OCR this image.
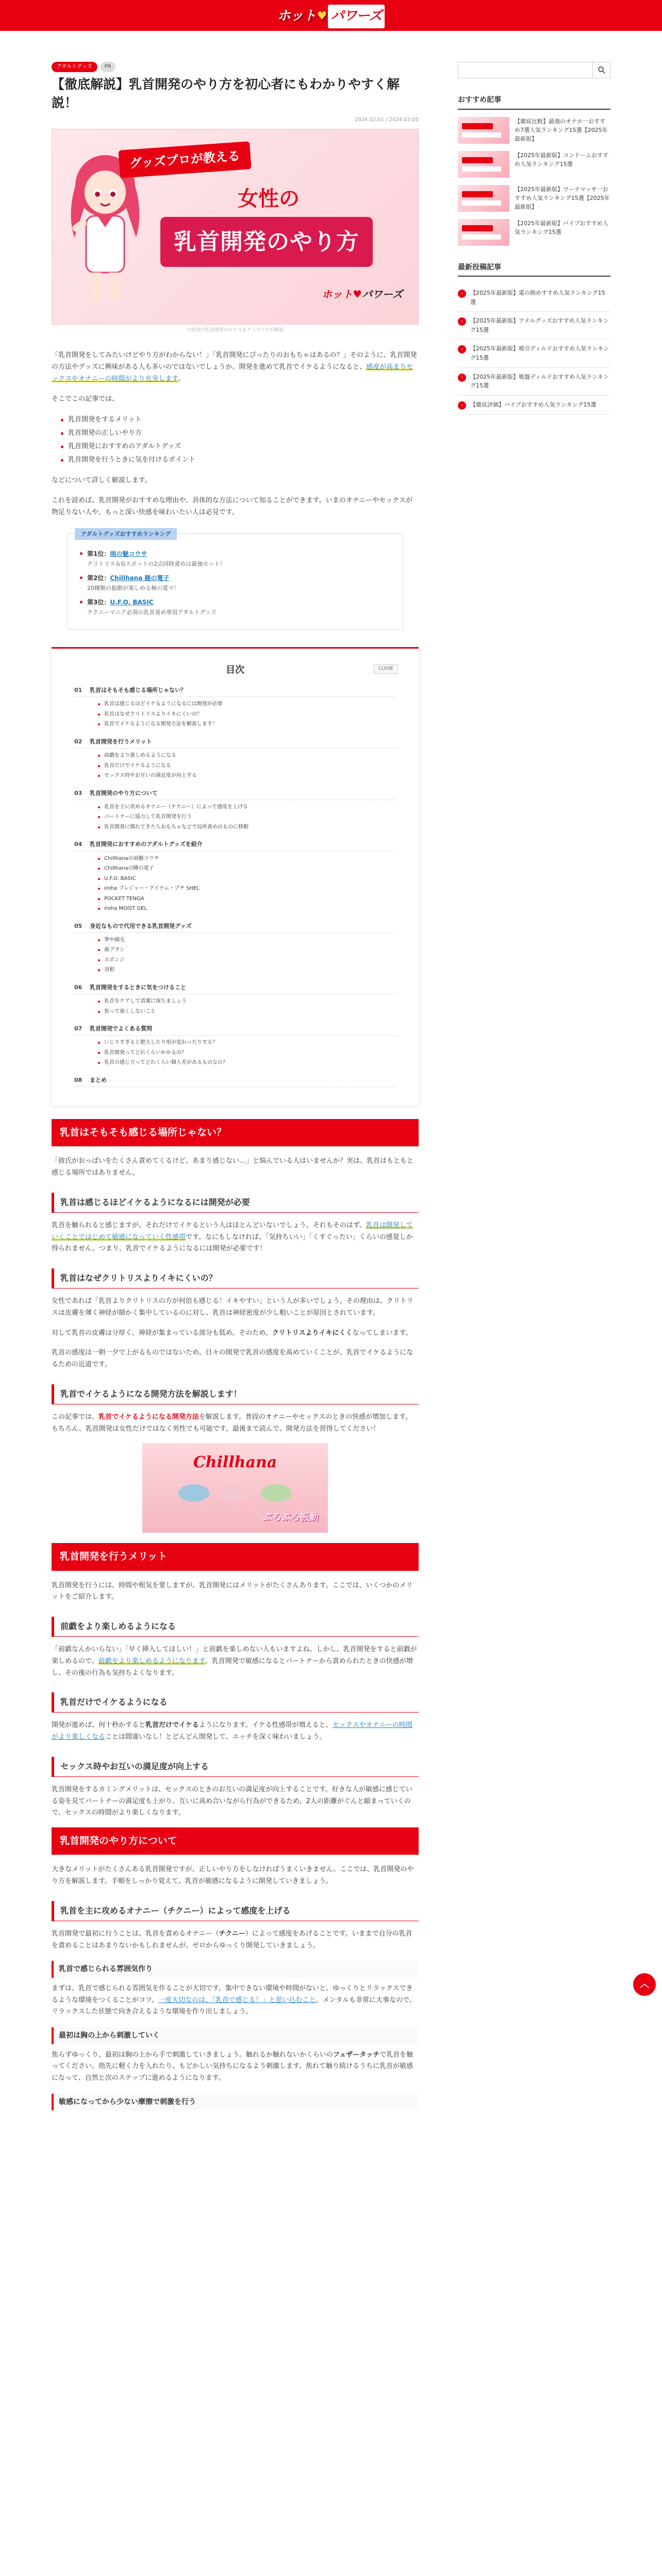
ホット ♥ パワーズ
アダルトグッズ	PR
【徹底解説】乳首開発のやり方を初心者にもわかりやすく解説！
2024.02.01 / 2024.03.05
グッズプロが教える
女性の
乳首開発のやり方
ホット♥パワーズ
女性向け乳首開発のやり方をグッズプロが解説

「乳首開発をしてみたいけどやり方がわからない！」「乳首開発にぴったりのおもちゃはあるの？」そのように、乳首開発の方法やグッズに興味がある人も多いのではないでしょうか。開発を進めて乳首でイケるようになると、感度が高まりセックスやオナニーの時間がより充実します。

そこでこの記事では、

乳首開発をするメリット
乳首開発の正しいやり方
乳首開発におすすめのアダルトグッズ
乳首開発を行うときに気を付けるポイント

などについて詳しく解説します。

これを読めば、乳首開発がおすすめな理由や、具体的な方法について知ることができます。いまのオナニーやセックスが物足りない人や、もっと深い快感を味わいたい人は必見です。

アダルトグッズおすすめランキング
第1位：雨の魅コウサ
クリトリス＆Gスポットの2点同時責めは最強セット！
第2位：Chillhana 睡の電子
20種類の振動が楽しめる極の電マ！
第3位：U.F.O. BASIC
テクニーマニア必須の乳首責め専用アダルトグッズ
目次	CLOSE
01	乳首はそもそも感じる場所じゃない？
乳首は感じるほどイケるようになるには開発が必要
乳首はなぜクリトリスよりイキにくいの？
乳首でイケるようになる開発方法を解説します！
02	乳首開発を行うメリット
前戯をより楽しめるようになる
乳首だけでイケるようになる
セックス時やお互いの満足度が向上する
03	乳首開発のやり方について
乳首を主に攻めるオナニー（チクニー）によって感度を上げる
パートナーに協力して乳首開発を行う
乳首開発に慣れてきたらおもちゃなどで局所責めのものに移動
04	乳首開発におすすめのアダルトグッズを紹介
Chillhanaの雨魅コウサ
Chillhanaの睡の電子
U.F.O. BASIC
iroha プレジャー・アイテム・プチ SHEL
POCKET TENGA
iroha MOIST GEL
05	身近なもので代用できる乳首開発グッズ
筆や刷毛
歯ブラシ
スポンジ
羽根
06	乳首開発をするときに気をつけること
乳首をケアして清潔に保ちましょう
焦って強くしないこと
07	乳首開発でよくある質問
いじりすぎると肥大したり形が変わったりする？
乳首開発ってどれくらいかかるの？
乳首の感じ方ってどれくらい個人差があるものなの？
08	まとめ
乳首はそもそも感じる場所じゃない？

「彼氏がおっぱいをたくさん責めてくるけど、あまり感じない…」と悩んでいる人はいませんか？実は、乳首はもともと感じる場所ではありません。

乳首は感じるほどイケるようになるには開発が必要

乳首を触られると感じますが、それだけでイケるという人はほとんどいないでしょう。それもそのはず、乳首は開発していくことではじめて敏感になっていく性感帯です。なにもしなければ、「気持ちいい」「くすぐったい」くらいの感覚しか得られません。つまり、乳首でイケるようになるには開発が必要です！

乳首はなぜクリトリスよりイキにくいの？

女性であれば「乳首よりクリトリスの方が何倍も感じる！イキやすい」という人が多いでしょう。その理由は、クリトリスは皮膚を薄く神経が細かく集中しているのに対し、乳首は神経密度が少し粗いことが原因とされています。

対して乳首の皮膚は分厚く、神経が集まっている部分も低め。そのため、クリトリスよりイキにくくなってしまいます。

乳首の感度は一朝一夕で上がるものではないため、日々の開発で乳首の感度を高めていくことが、乳首でイケるようになるための近道です。

乳首でイケるようになる開発方法を解説します！

この記事では、乳首でイケるようになる開発方法を解説します。普段のオナニーやセックスのときの快感が増加します。もちろん、乳首開発は女性だけではなく男性でも可能です。最後まで読んで、開発方法を習得してください！

Chillhana
ぷるぷる振動
乳首開発を行うメリット

乳首開発を行うには、時間や根気を要しますが、乳首開発にはメリットがたくさんあります。ここでは、いくつかのメリットをご紹介します。

前戯をより楽しめるようになる

「前戯なんかいらない」「早く挿入してほしい！」と前戯を楽しめない人もいますよね。しかし、乳首開発をすると前戯が楽しめるので、前戯をより楽しめるようになります。乳首開発で敏感になるとパートナーから責められたときの快感が増し、その後の行為も気持ちよくなります。

乳首だけでイケるようになる

開発が進めば、何十秒かすると乳首だけでイケるようになります。イケる性感帯が増えると、セックスやオナニーの時間がより楽しくなることは間違いなし！とどんどん開発して、エッチを深く味わいましょう。

セックス時やお互いの満足度が向上する

乳首開発をするカミングメリットは、セックスのときのお互いの満足度が向上することです。好きな人が敏感に感じている姿を見てパートナーの満足度も上がり、互いに高め合いながら行為ができるため、2人の距離がぐんと縮まっていくので、セックスの時間がより楽しくなります。

乳首開発のやり方について

大きなメリットがたくさんある乳首開発ですが、正しいやり方をしなければうまくいきません。ここでは、乳首開発のやり方を解説します。手順をしっかり覚えて、乳首が敏感になるように開発していきましょう。

乳首を主に攻めるオナニー（チクニー）によって感度を上げる

乳首開発で最初に行うことは、乳首を責めるオナニー（チクニー）によって感度をあげることです。いままで自分の乳首を責めることはあまりないかもしれませんが、ゼロからゆっくり開発していきましょう。

乳首で感じられる雰囲気作り

まずは、乳首で感じられる雰囲気を作ることが大切です。集中できない環境や時間がないと、ゆっくりとリラックスできるような環境をつくることがコツ。一度大切なのは、「乳首で感じる！」と思い込むこと。メンタルも非常に大事なので、リラックスした状態で向き合えるような環境を作り出しましょう。

最初は胸の上から刺激していく

焦らずゆっくり、最初は胸の上から手で刺激していきましょう。触れるか触れないかくらいのフェザータッチで乳首を触ってください。指先に軽く力を入れたり、もどかしい気持ちになるよう刺激します。焦れて触り続けるうちに乳首が敏感になって、自然と次のステップに進めるようになります。

敏感になってから少ない摩擦で刺激を行う
おすすめ記事
【徹底比較】最強のオナホ一おすすめ7選人気ランキング15選【2025年最新版】
【2025年最新版】コンドームおすすめ人気ランキング15選
【2025年最新版】ワーナマッサ一おすすめ人気ランキング15選【2025年最新版】
【2025年最新版】バイブおすすめ人気ランキング15選
最新投稿記事
›	【2025年最新版】電の熱めすすめ人気ランキング15選
›	【2025年最新版】アナルグッズおすすめ人気ランキング15選
›	【2025年最新版】吸引ディルドおすすめ人気ランキング15選
›	【2025年最新版】吸盤ディルドおすすめ人気ランキング15選
›	【徹底評価】バイブおすすめ人気ランキング15選
︿
